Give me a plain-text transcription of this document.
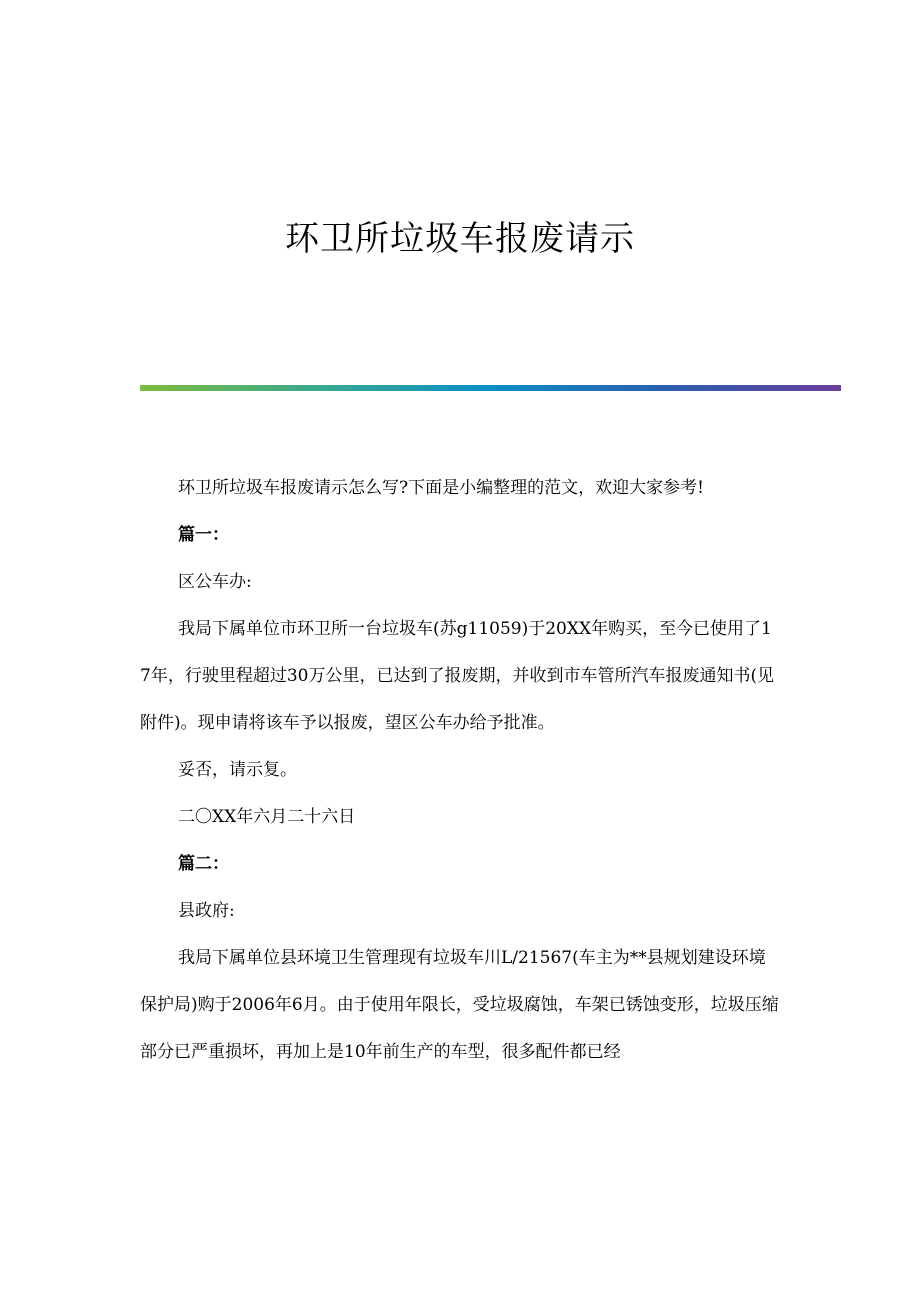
环卫所垃圾车报废请示

环卫所垃圾车报废请示怎么写?下面是小编整理的范文，欢迎大家参考!

篇一：

区公车办:

我局下属单位市环卫所一台垃圾车(苏g11059)于20XX年购买，至今已使用了17年，行驶里程超过30万公里，已达到了报废期，并收到市车管所汽车报废通知书(见附件)。现申请将该车予以报废，望区公车办给予批准。

妥否，请示复。

二〇XX年六月二十六日

篇二：

县政府:

我局下属单位县环境卫生管理现有垃圾车川L/21567(车主为**县规划建设环境保护局)购于2006年6月。由于使用年限长，受垃圾腐蚀，车架已锈蚀变形，垃圾压缩部分已严重损坏，再加上是10年前生产的车型，很多配件都已经
